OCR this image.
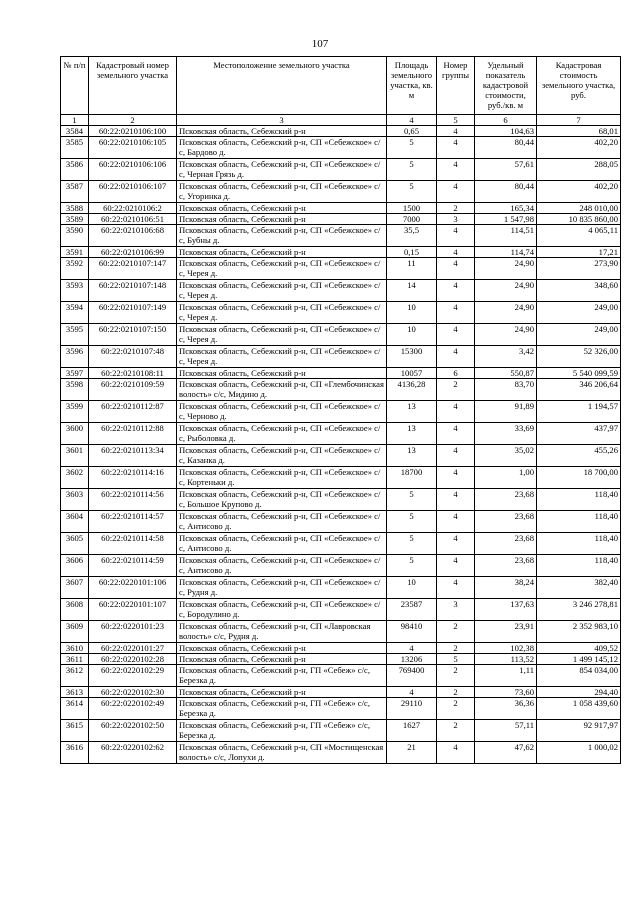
107
№ п/п	Кадастровый номер земельного участка	Местоположение земельного участка	Площадь земельного участка, кв. м	Номер группы	Удельный показатель кадастровой стоимости, руб./кв. м	Кадастровая стоимость земельного участка, руб.
1	2	3	4	5	6	7
3584	60:22:0210106:100	Псковская область, Себежский р-н	0,65	4	104,63	68,01
3585	60:22:0210106:105	Псковская область, Себежский р-н, СП «Себежское» с/с, Бардово д.	5	4	80,44	402,20
3586	60:22:0210106:106	Псковская область, Себежский р-н, СП «Себежское» с/с, Черная Грязь д.	5	4	57,61	288,05
3587	60:22:0210106:107	Псковская область, Себежский р-н, СП «Себежское» с/с, Угоринка д.	5	4	80,44	402,20
3588	60:22:0210106:2	Псковская область, Себежский р-н	1500	2	165,34	248 010,00
3589	60:22:0210106:51	Псковская область, Себежский р-н	7000	3	1 547,98	10 835 860,00
3590	60:22:0210106:68	Псковская область, Себежский р-н, СП «Себежское» с/с, Бубны д.	35,5	4	114,51	4 065,11
3591	60:22:0210106:99	Псковская область, Себежский р-н	0,15	4	114,74	17,21
3592	60:22:0210107:147	Псковская область, Себежский р-н, СП «Себежское» с/с, Черея д.	11	4	24,90	273,90
3593	60:22:0210107:148	Псковская область, Себежский р-н, СП «Себежское» с/с, Черея д.	14	4	24,90	348,60
3594	60:22:0210107:149	Псковская область, Себежский р-н, СП «Себежское» с/с, Черея д.	10	4	24,90	249,00
3595	60:22:0210107:150	Псковская область, Себежский р-н, СП «Себежское» с/с, Черея д.	10	4	24,90	249,00
3596	60:22:0210107:48	Псковская область, Себежский р-н, СП «Себежское» с/с, Черея д.	15300	4	3,42	52 326,00
3597	60:22:0210108:11	Псковская область, Себежский р-н	10057	6	550,87	5 540 099,59
3598	60:22:0210109:59	Псковская область, Себежский р-н, СП «Глембочинская волость» с/с, Мидино д.	4136,28	2	83,70	346 206,64
3599	60:22:0210112:87	Псковская область, Себежский р-н, СП «Себежское» с/с, Черново д.	13	4	91,89	1 194,57
3600	60:22:0210112:88	Псковская область, Себежский р-н, СП «Себежское» с/с, Рыболовка д.	13	4	33,69	437,97
3601	60:22:0210113:34	Псковская область, Себежский р-н, СП «Себежское» с/с, Казанка д.	13	4	35,02	455,26
3602	60:22:0210114:16	Псковская область, Себежский р-н, СП «Себежское» с/с, Кортеньки д.	18700	4	1,00	18 700,00
3603	60:22:0210114:56	Псковская область, Себежский р-н, СП «Себежское» с/с, Большое Крупово д.	5	4	23,68	118,40
3604	60:22:0210114:57	Псковская область, Себежский р-н, СП «Себежское» с/с, Антисово д.	5	4	23,68	118,40
3605	60:22:0210114:58	Псковская область, Себежский р-н, СП «Себежское» с/с, Антисово д.	5	4	23,68	118,40
3606	60:22:0210114:59	Псковская область, Себежский р-н, СП «Себежское» с/с, Антисово д.	5	4	23,68	118,40
3607	60:22:0220101:106	Псковская область, Себежский р-н, СП «Себежское» с/с, Рудня д.	10	4	38,24	382,40
3608	60:22:0220101:107	Псковская область, Себежский р-н, СП «Себежское» с/с, Бородулино д.	23587	3	137,63	3 246 278,81
3609	60:22:0220101:23	Псковская область, Себежский р-н, СП «Лавровская волость» с/с, Рудня д.	98410	2	23,91	2 352 983,10
3610	60:22:0220101:27	Псковская область, Себежский р-н	4	2	102,38	409,52
3611	60:22:0220102:28	Псковская область, Себежский р-н	13206	5	113,52	1 499 145,12
3612	60:22:0220102:29	Псковская область, Себежский р-н, ГП «Себеж» с/с, Березка д.	769400	2	1,11	854 034,00
3613	60:22:0220102:30	Псковская область, Себежский р-н	4	2	73,60	294,40
3614	60:22:0220102:49	Псковская область, Себежский р-н, ГП «Себеж» с/с, Березка д.	29110	2	36,36	1 058 439,60
3615	60:22:0220102:50	Псковская область, Себежский р-н, ГП «Себеж» с/с, Березка д.	1627	2	57,11	92 917,97
3616	60:22:0220102:62	Псковская область, Себежский р-н, СП «Мостищенская волость» с/с, Лопухи д.	21	4	47,62	1 000,02
